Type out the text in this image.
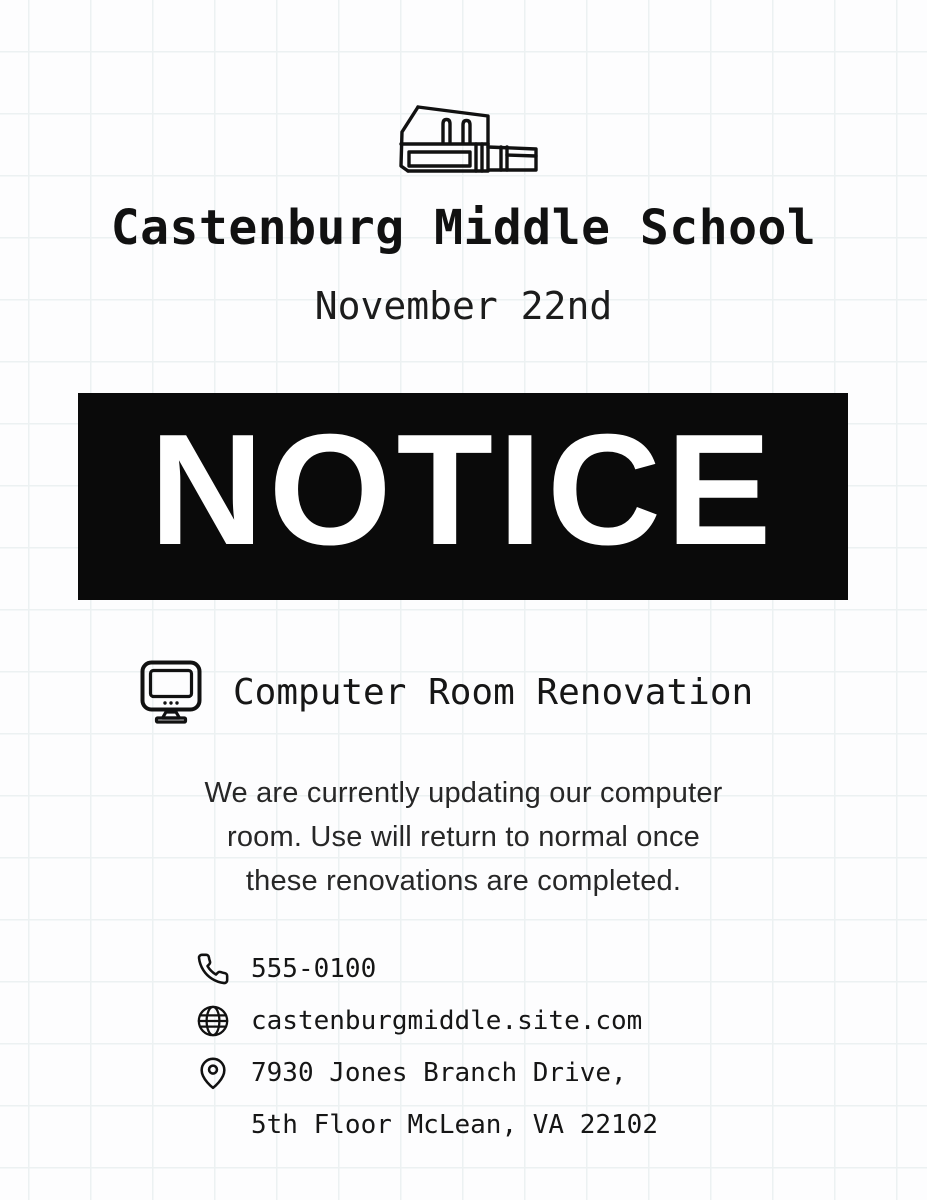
Castenburg Middle School
November 22nd
NOTICE
Computer Room Renovation
We are currently updating our computer
room. Use will return to normal once
these renovations are completed.
555-0100
castenburgmiddle.site.com
7930 Jones Branch Drive,
5th Floor McLean, VA 22102
